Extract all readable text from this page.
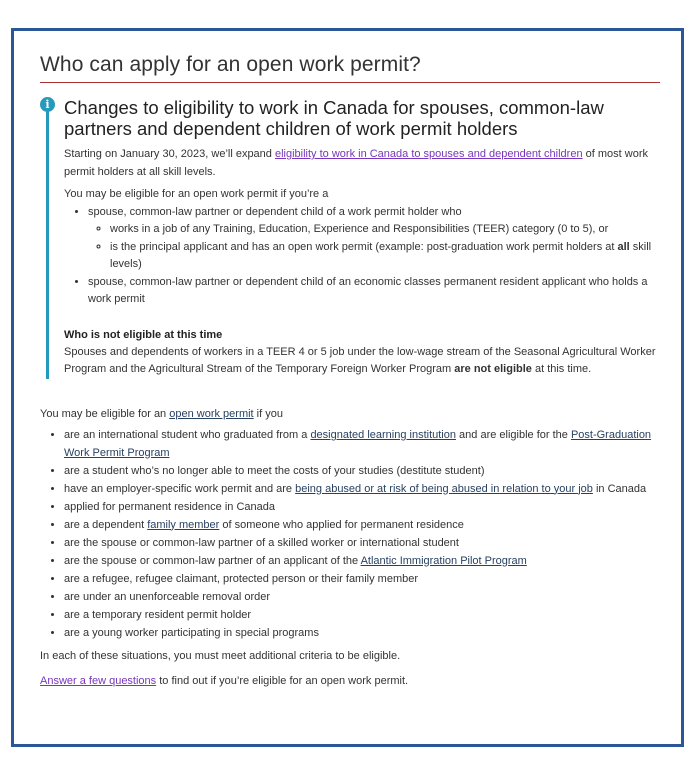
Who can apply for an open work permit?
i Changes to eligibility to work in Canada for spouses, common-law partners and dependent children of work permit holders

Starting on January 30, 2023, we’ll expand eligibility to work in Canada to spouses and dependent children of most work permit holders at all skill levels.

You may be eligible for an open work permit if you’re a

• spouse, common-law partner or dependent child of a work permit holder who
◦ works in a job of any Training, Education, Experience and Responsibilities (TEER) category (0 to 5), or
◦ is the principal applicant and has an open work permit (example: post-graduation work permit holders at all skill levels)
• spouse, common-law partner or dependent child of an economic classes permanent resident applicant who holds a work permit
Who is not eligible at this time

Spouses and dependents of workers in a TEER 4 or 5 job under the low-wage stream of the Seasonal Agricultural Worker Program and the Agricultural Stream of the Temporary Foreign Worker Program are not eligible at this time.

You may be eligible for an open work permit if you

• are an international student who graduated from a designated learning institution and are eligible for the Post-Graduation Work Permit Program
• are a student who’s no longer able to meet the costs of your studies (destitute student)
• have an employer-specific work permit and are being abused or at risk of being abused in relation to your job in Canada
• applied for permanent residence in Canada
• are a dependent family member of someone who applied for permanent residence
• are the spouse or common-law partner of a skilled worker or international student
• are the spouse or common-law partner of an applicant of the Atlantic Immigration Pilot Program
• are a refugee, refugee claimant, protected person or their family member
• are under an unenforceable removal order
• are a temporary resident permit holder
• are a young worker participating in special programs

In each of these situations, you must meet additional criteria to be eligible.

Answer a few questions to find out if you’re eligible for an open work permit.
